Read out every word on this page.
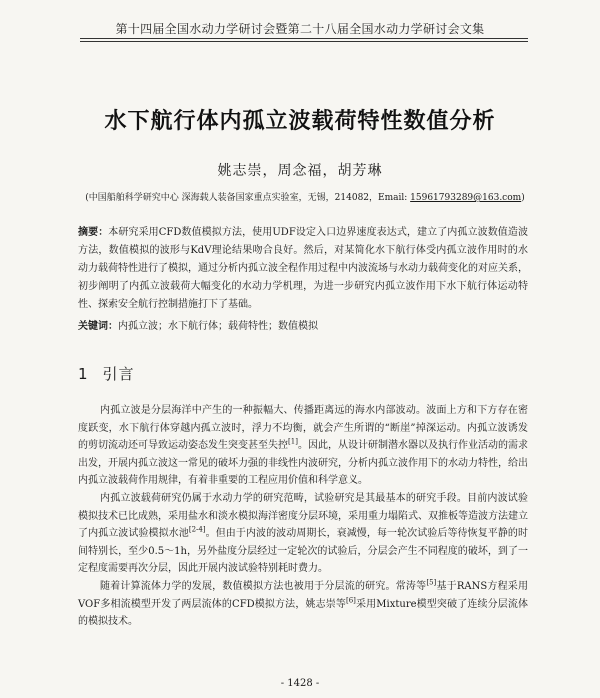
第十四届全国水动力学研讨会暨第二十八届全国水动力学研讨会文集
水下航行体内孤立波载荷特性数值分析
姚志崇，周念福，胡芳琳
(中国船舶科学研究中心 深海载人装备国家重点实验室，无锡，214082，Email: 15961793289@163.com)
摘要：本研究采用CFD数值模拟方法，使用UDF设定入口边界速度表达式，建立了内孤立波数值造波方法，数值模拟的波形与KdV理论结果吻合良好。然后，对某简化水下航行体受内孤立波作用时的水动力载荷特性进行了模拟，通过分析内孤立波全程作用过程中内波流场与水动力载荷变化的对应关系，初步阐明了内孤立波载荷大幅变化的水动力学机理，为进一步研究内孤立波作用下水下航行体运动特性、探索安全航行控制措施打下了基础。
关键词：内孤立波；水下航行体；载荷特性；数值模拟
1 引言

内孤立波是分层海洋中产生的一种振幅大、传播距离远的海水内部波动。波面上方和下方存在密度跃变，水下航行体穿越内孤立波时，浮力不均衡，就会产生所谓的“断崖”掉深运动。内孤立波诱发的剪切流动还可导致运动姿态发生突变甚至失控[1]。因此，从设计研制潜水器以及执行作业活动的需求出发，开展内孤立波这一常见的破坏力强的非线性内波研究，分析内孤立波作用下的水动力特性，给出内孤立波载荷作用规律，有着非重要的工程应用价值和科学意义。

内孤立波载荷研究仍属于水动力学的研究范畴，试验研究是其最基本的研究手段。目前内波试验模拟技术已比成熟，采用盐水和淡水模拟海洋密度分层环境，采用重力塌陷式、双推板等造波方法建立了内孤立波试验模拟水池[2-4]。但由于内波的波动周期长，衰减慢，每一轮次试验后等待恢复平静的时间特别长，至少0.5～1h，另外盐度分层经过一定轮次的试验后，分层会产生不同程度的破坏，到了一定程度需要再次分层，因此开展内波试验特别耗时费力。

随着计算流体力学的发展，数值模拟方法也被用于分层流的研究。常涛等[5]基于RANS方程采用VOF多相流模型开发了两层流体的CFD模拟方法，姚志崇等[6]采用Mixture模型突破了连续分层流体的模拟技术。

- 1428 -
